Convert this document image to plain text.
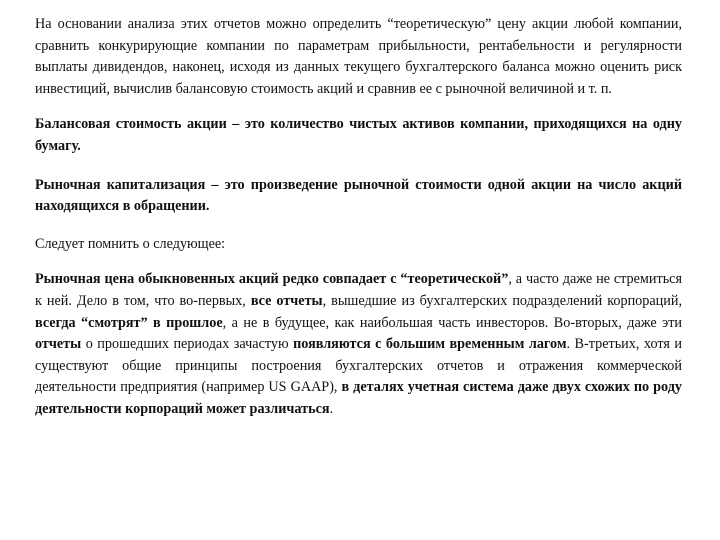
На основании анализа этих отчетов можно определить “теоретическую” цену акции любой компании, сравнить конкурирующие компании по параметрам прибыльности, рентабельности и регулярности выплаты дивидендов, наконец, исходя из данных текущего бухгалтерского баланса можно оценить риск инвестиций, вычислив балансовую стоимость акций и сравнив ее с рыночной величиной и т. п.

Балансовая стоимость акции – это количество чистых активов компании, приходящихся на одну бумагу.

Рыночная капитализация – это произведение рыночной стоимости одной акции на число акций находящихся в обращении.

Следует помнить о следующее:

Рыночная цена обыкновенных акций редко совпадает с “теоретической”, а часто даже не стремиться к ней. Дело в том, что во-первых, все отчеты, вышедшие из бухгалтерских подразделений корпораций, всегда “смотрят” в прошлое, а не в будущее, как наибольшая часть инвесторов. Во-вторых, даже эти отчеты о прошедших периодах зачастую появляются с большим временным лагом. В-третьих, хотя и существуют общие принципы построения бухгалтерских отчетов и отражения коммерческой деятельности предприятия (например US GAAP), в деталях учетная система даже двух схожих по роду деятельности корпораций может различаться.
